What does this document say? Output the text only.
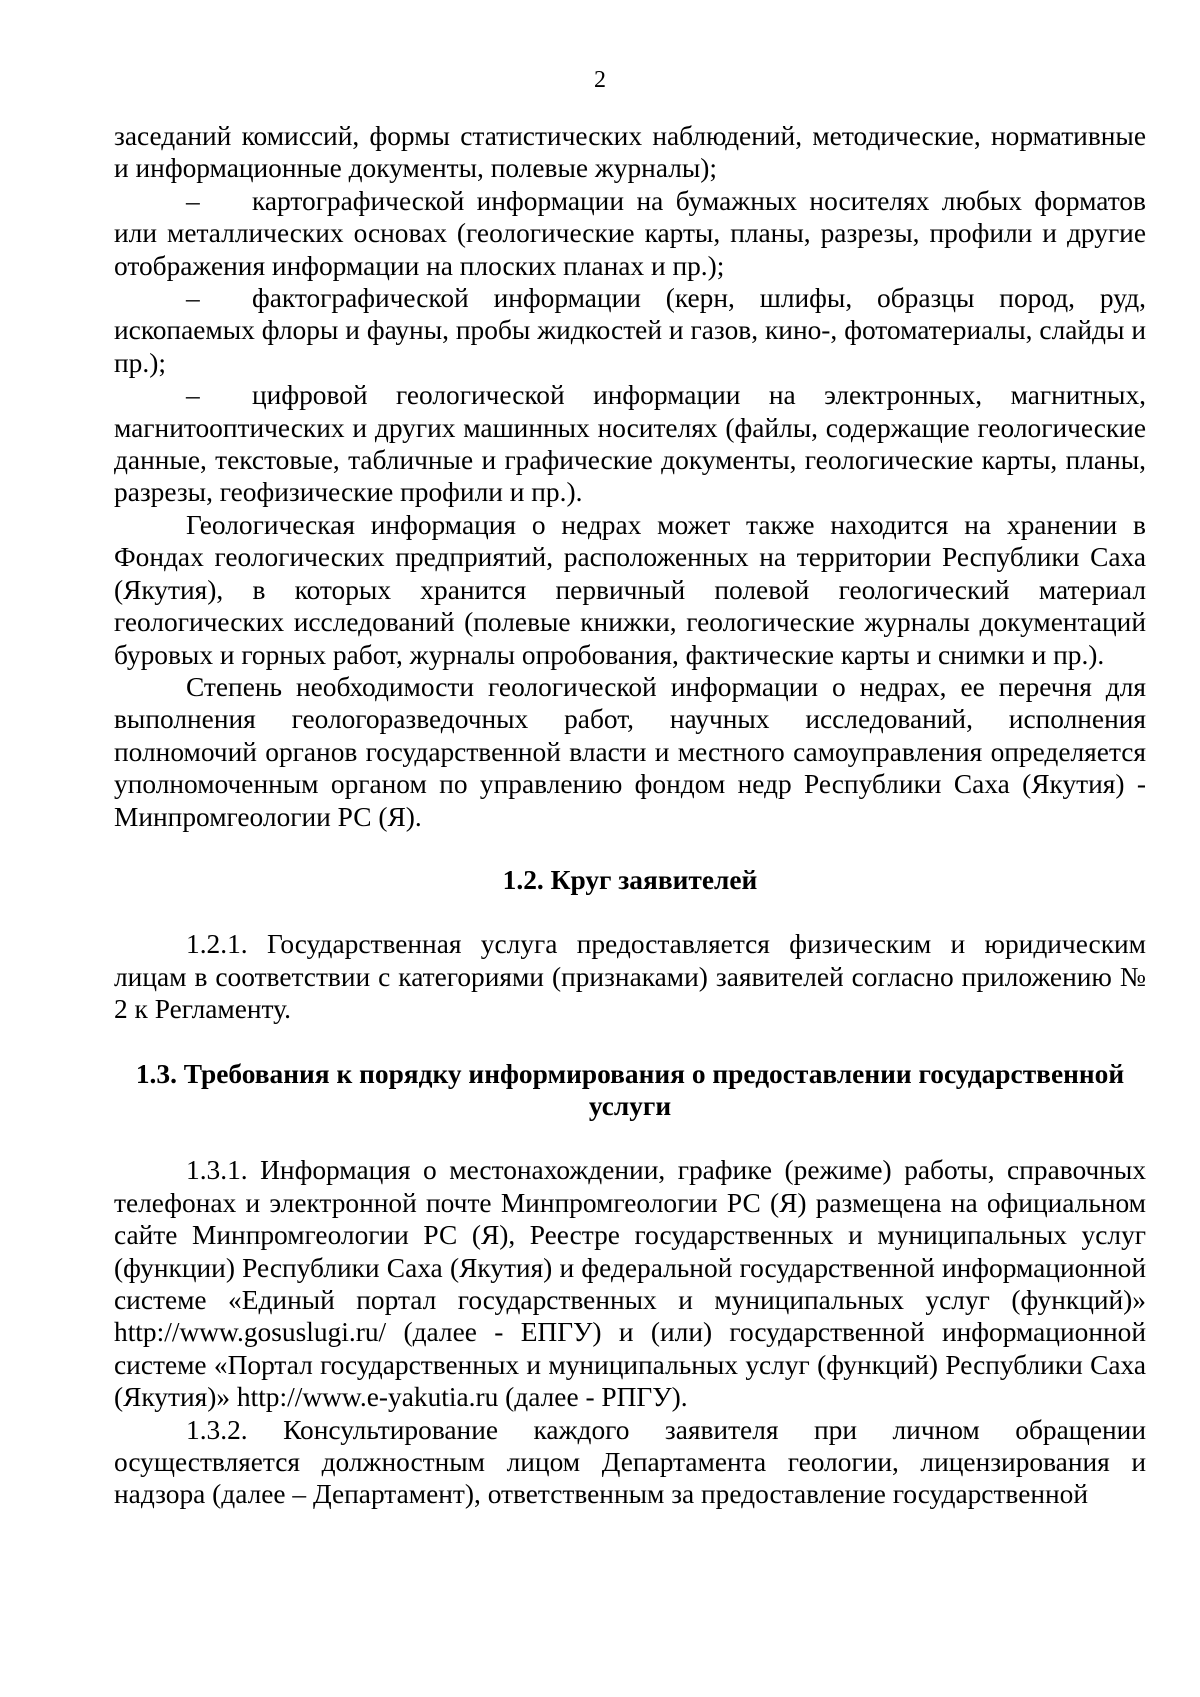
2

заседаний комиссий, формы статистических наблюдений, методические, нормативные и информационные документы, полевые журналы);

– картографической информации на бумажных носителях любых форматов или металлических основах (геологические карты, планы, разрезы, профили и другие отображения информации на плоских планах и пр.);

– фактографической информации (керн, шлифы, образцы пород, руд, ископаемых флоры и фауны, пробы жидкостей и газов, кино-, фотоматериалы, слайды и пр.);

– цифровой геологической информации на электронных, магнитных, магнитооптических и других машинных носителях (файлы, содержащие геологические данные, текстовые, табличные и графические документы, геологические карты, планы, разрезы, геофизические профили и пр.).

Геологическая информация о недрах может также находится на хранении в Фондах геологических предприятий, расположенных на территории Республики Саха (Якутия), в которых хранится первичный полевой геологический материал геологических исследований (полевые книжки, геологические журналы документаций буровых и горных работ, журналы опробования, фактические карты и снимки и пр.).

Степень необходимости геологической информации о недрах, ее перечня для выполнения геологоразведочных работ, научных исследований, исполнения полномочий органов государственной власти и местного самоуправления определяется уполномоченным органом по управлению фондом недр Республики Саха (Якутия) - Минпромгеологии РС (Я).

1.2. Круг заявителей

1.2.1. Государственная услуга предоставляется физическим и юридическим лицам в соответствии с категориями (признаками) заявителей согласно приложению № 2 к Регламенту.

1.3. Требования к порядку информирования о предоставлении государственной услуги

1.3.1. Информация о местонахождении, графике (режиме) работы, справочных телефонах и электронной почте Минпромгеологии РС (Я) размещена на официальном сайте Минпромгеологии РС (Я), Реестре государственных и муниципальных услуг (функции) Республики Саха (Якутия) и федеральной государственной информационной системе «Единый портал государственных и муниципальных услуг (функций)» http://www.gosuslugi.ru/ (далее - ЕПГУ) и (или) государственной информационной системе «Портал государственных и муниципальных услуг (функций) Республики Саха (Якутия)» http://www.e-yakutia.ru (далее - РПГУ).

1.3.2. Консультирование каждого заявителя при личном обращении осуществляется должностным лицом Департамента геологии, лицензирования и надзора (далее – Департамент), ответственным за предоставление государственной
